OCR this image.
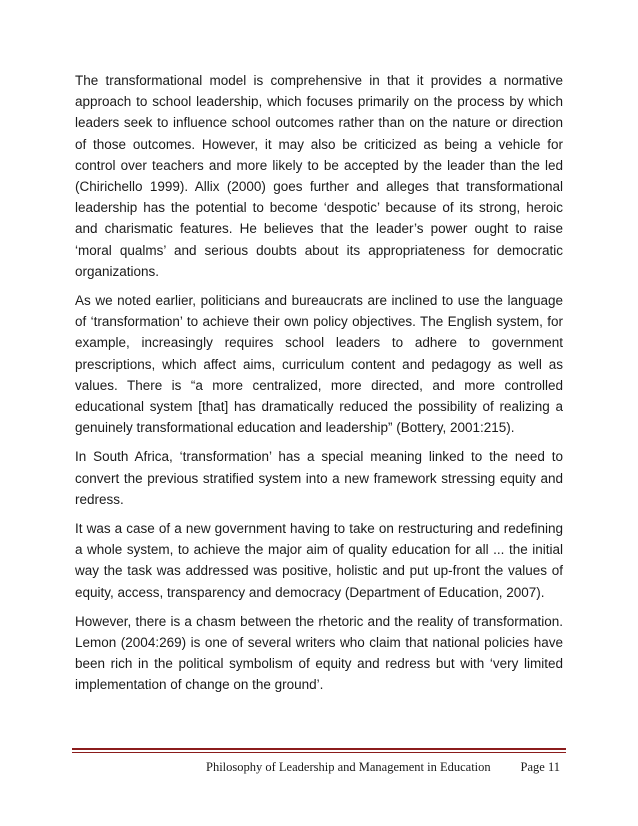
The transformational model is comprehensive in that it provides a normative approach to school leadership, which focuses primarily on the process by which leaders seek to influence school outcomes rather than on the nature or direction of those outcomes. However, it may also be criticized as being a vehicle for control over teachers and more likely to be accepted by the leader than the led (Chirichello 1999). Allix (2000) goes further and alleges that transformational leadership has the potential to become ‘despotic’ because of its strong, heroic and charismatic features. He believes that the leader’s power ought to raise ‘moral qualms’ and serious doubts about its appropriateness for democratic organizations.

As we noted earlier, politicians and bureaucrats are inclined to use the language of ‘transformation’ to achieve their own policy objectives. The English system, for example, increasingly requires school leaders to adhere to government prescriptions, which affect aims, curriculum content and pedagogy as well as values. There is “a more centralized, more directed, and more controlled educational system [that] has dramatically reduced the possibility of realizing a genuinely transformational education and leadership” (Bottery, 2001:215).

In South Africa, ‘transformation’ has a special meaning linked to the need to convert the previous stratified system into a new framework stressing equity and redress.

It was a case of a new government having to take on restructuring and redefining a whole system, to achieve the major aim of quality education for all ... the initial way the task was addressed was positive, holistic and put up-front the values of equity, access, transparency and democracy (Department of Education, 2007).

However, there is a chasm between the rhetoric and the reality of transformation. Lemon (2004:269) is one of several writers who claim that national policies have been rich in the political symbolism of equity and redress but with ‘very limited implementation of change on the ground’.

Philosophy of Leadership and Management in Education Page 11
